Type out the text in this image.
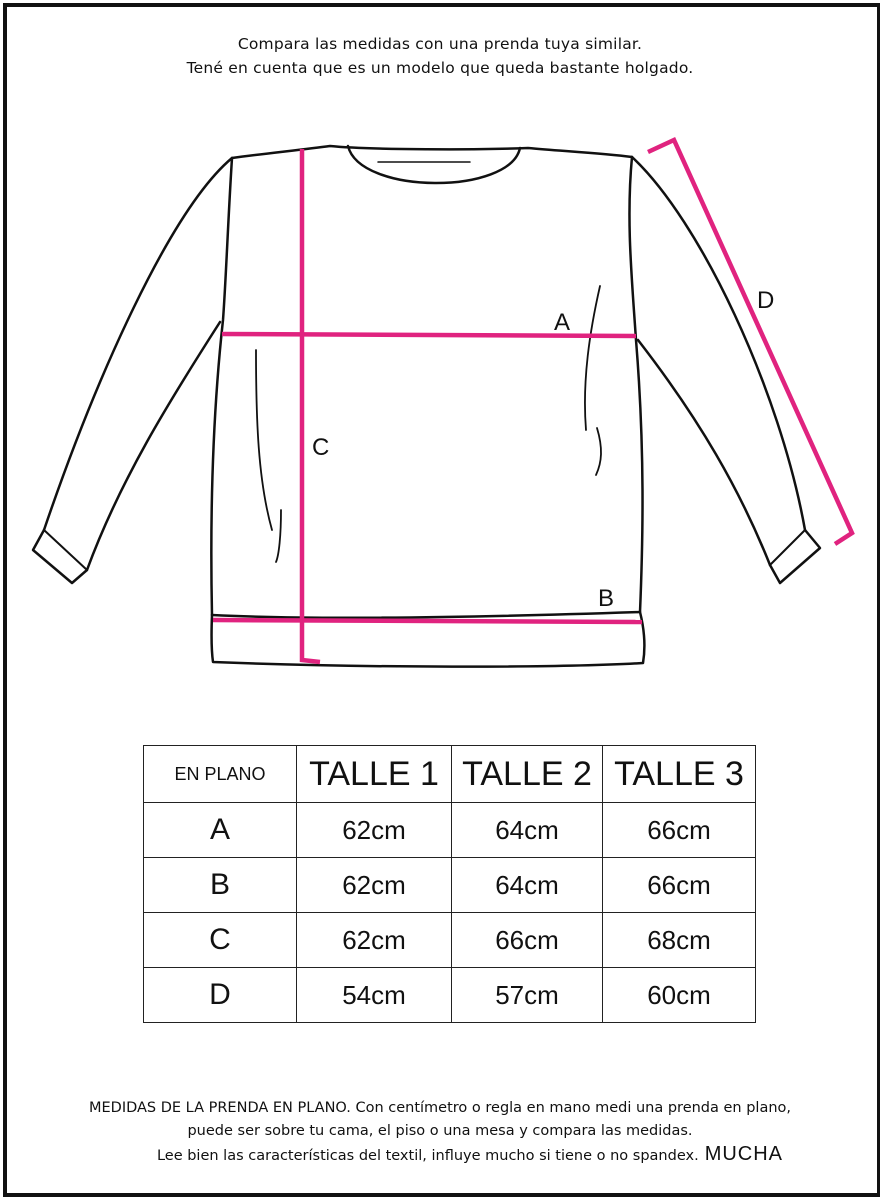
Compara las medidas con una prenda tuya similar.
Tené en cuenta que es un modelo que queda bastante holgado.
A
B
C
D
EN PLANO	TALLE 1	TALLE 2	TALLE 3
A	62cm	64cm	66cm
B	62cm	64cm	66cm
C	62cm	66cm	68cm
D	54cm	57cm	60cm
MEDIDAS DE LA PRENDA EN PLANO. Con centímetro o regla en mano medi una prenda en plano,
puede ser sobre tu cama, el piso o una mesa y compara las medidas.
Lee bien las características del textil, influye mucho si tiene o no spandex. MUCHA
